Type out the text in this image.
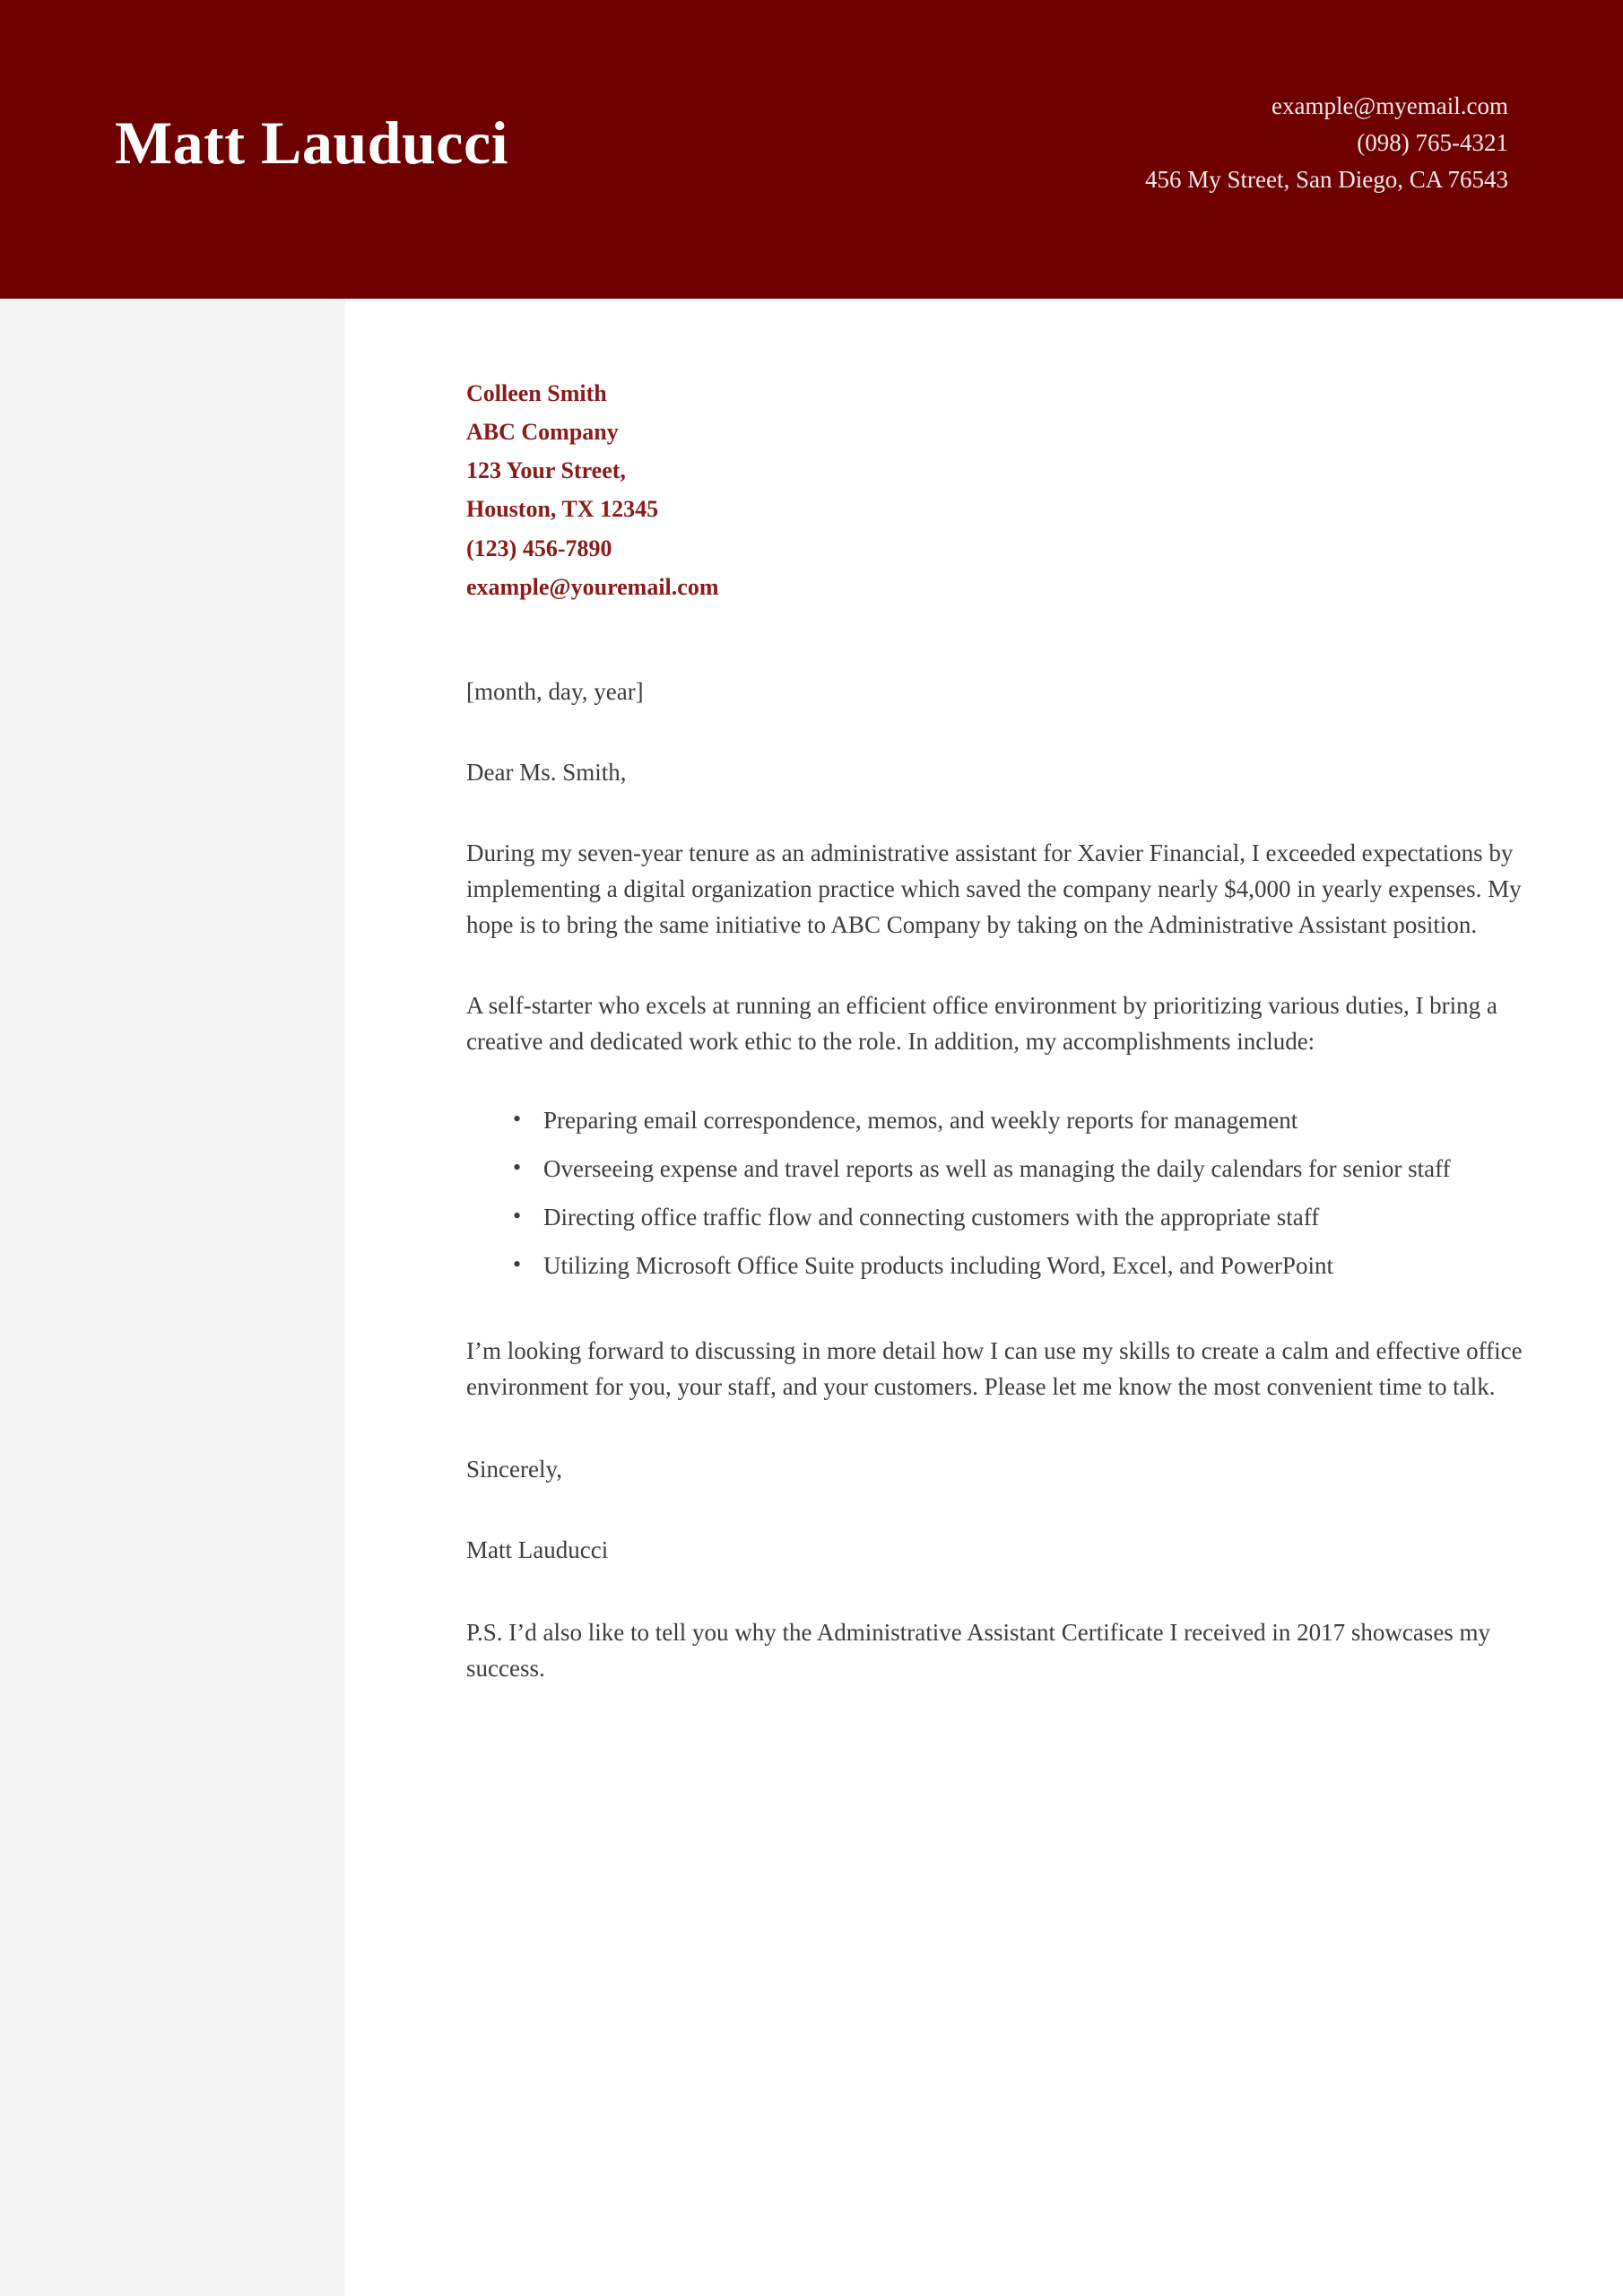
Matt Lauducci
example@myemail.com
(098) 765-4321
456 My Street, San Diego, CA 76543
Colleen Smith
ABC Company
123 Your Street,
Houston, TX 12345
(123) 456-7890
example@youremail.com
[month, day, year]
Dear Ms. Smith,
During my seven-year tenure as an administrative assistant for Xavier Financial, I exceeded expectations by implementing a digital organization practice which saved the company nearly $4,000 in yearly expenses. My hope is to bring the same initiative to ABC Company by taking on the Administrative Assistant position.
A self-starter who excels at running an efficient office environment by prioritizing various duties, I bring a creative and dedicated work ethic to the role. In addition, my accomplishments include:
• Preparing email correspondence, memos, and weekly reports for management
• Overseeing expense and travel reports as well as managing the daily calendars for senior staff
• Directing office traffic flow and connecting customers with the appropriate staff
• Utilizing Microsoft Office Suite products including Word, Excel, and PowerPoint
I’m looking forward to discussing in more detail how I can use my skills to create a calm and effective office environment for you, your staff, and your customers. Please let me know the most convenient time to talk.
Sincerely,
Matt Lauducci
P.S. I’d also like to tell you why the Administrative Assistant Certificate I received in 2017 showcases my success.
